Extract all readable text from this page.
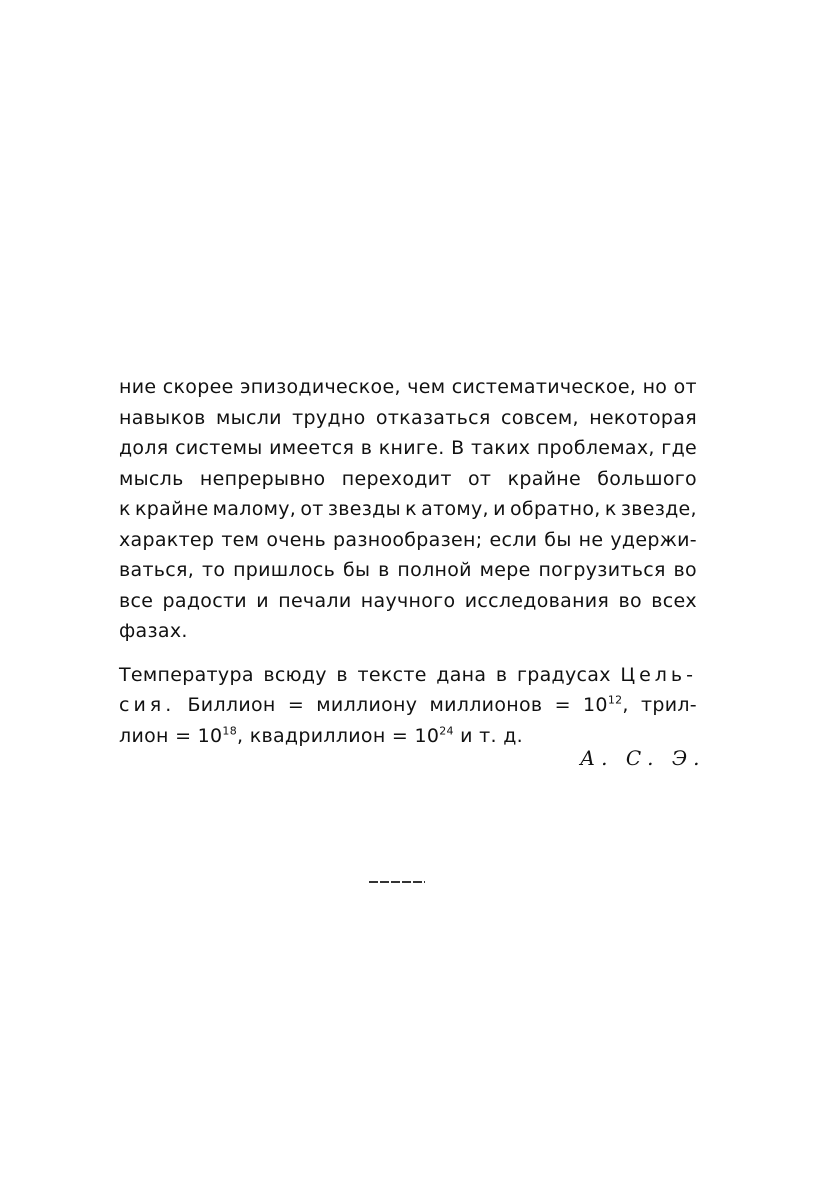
ние скорее эпизодическое, чем систематическое, но от
навыков мысли трудно отказаться совсем, некоторая
доля системы имеется в книге. В таких проблемах, где
мысль непрерывно переходит от крайне большого
к крайне малому, от звезды к атому, и обратно, к звезде,
характер тем очень разнообразен; если бы не удержи-
ваться, то пришлось бы в полной мере погрузиться во
все радости и печали научного исследования во всех
фазах.
Температура всюду в тексте дана в градусах Цель-
сия. Биллион = миллиону миллионов = $10^{12}$, трил-
лион = $10^{18}$, квадриллион = $10^{24}$ и т. д.
А. С. Э.
